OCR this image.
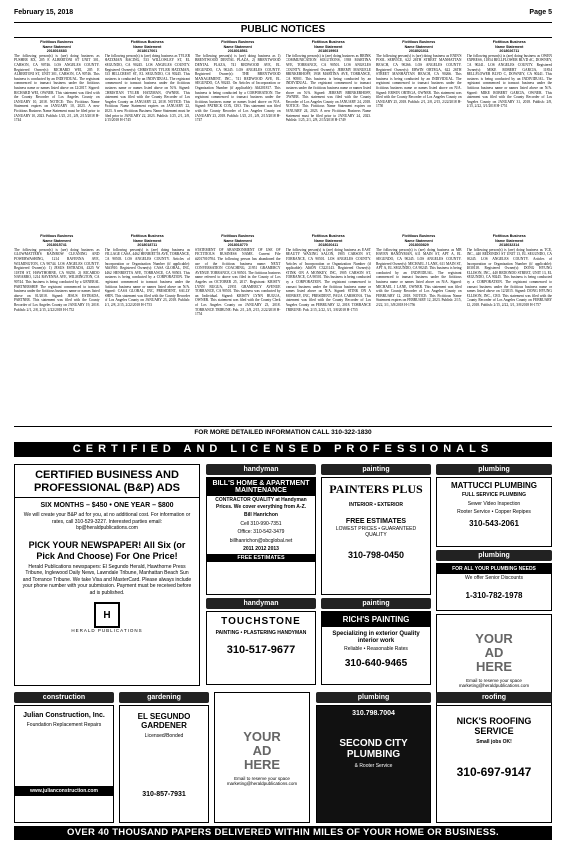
February 15, 2018	Page 5
PUBLIC NOTICES
Fictitious Business
Name Statement
2018016683
The following person(s) is (are) doing business as PUSHER RX, 205 E ALBERTONI ST UNIT 301, CARSON, CA 90746. LOS ANGELES COUNTY. Registered Owner(s): RICHARD WEI, 205 E ALBERTONI ST, UNIT 301, CARSON, CA 90746. This business is conducted by an INDIVIDUAL. The registrant commenced to transact business under the fictitious business name or names listed above on 12/2017. Signed: RICHARD WEI, OWNER. This statement was filed with the County Recorder of Los Angeles County on JANUARY 10, 2018. NOTICE: This Fictitious Name Statement expires on JANUARY 10, 2023. A new Fictitious Business Name Statement must be filed prior to JANUARY 10, 2023. Publish: 1/25, 2/1, 2/8, 2/15/2018 H-1744
Fictitious Business
Name Statement
2018017001
The following person(s) is (are) doing business as TYLER HATZMAN RACING, 533 WILLOWLEY ST, EL SEGUNDO, CA 90245. LOS ANGELES COUNTY. Registered Owner(s): CHRISTIAN TYLER HATZMAN, 533 HILLCREST ST, EL SEGUNDO, CA 90245. This business is conducted by an INDIVIDUAL. The registrant commenced to transact business under the fictitious business name or names listed above on N/A. Signed: CHRISTIAN TYLER HATZMAN, OWNER. This statement was filed with the County Recorder of Los Angeles County on JANUARY 22, 2018. NOTICE: This Fictitious Name Statement expires on JANUARY 22, 2023. A new Fictitious Business Name Statement must be filed prior to JANUARY 22, 2023. Publish: 1/25, 2/1, 2/8, 2/15/2018 H-1745
Fictitious Business
Name Statement
2018018561
The following person(s) is (are) doing business as 1) BRENTWOOD DENTAL PLAZA, 2) BRENTWOOD DENTAL PLAZA, 741 REDWOOD AVE, EL SEGUNDO, CA 90245. LOS ANGELES COUNTY. Registered Owner(s): THE BRENTWOOD MANAGEMENT, INC., 741 REDWOOD AVE, EL SEGUNDO, CA 90245. On Articles of Incorporation or Organization Number (if applicable): AI#201817. This business is being conducted by a CORPORATION. The registrant commenced to transact business under the fictitious business name or names listed above on N/A. Signed: PATRICK COX, CEO. This statement was filed with the County Recorder of Los Angeles County on JANUARY 23, 2018. Publish: 1/25, 2/1, 2/8, 2/15/2018 H-1747
Fictitious Business
Name Statement
2018019903
The following person(s) is (are) doing business as BRINK COMMUNICATION SOLUTIONS, 1938 MARTINA AVE, TORRANCE, CA 90501. LOS ANGELES COUNTY. Registered Owner(s): JEREMY MANUELE BRINKERHOFF, 1938 MARTINA AVE, TORRANCE, CA 90501. This business is being conducted by an INDIVIDUAL. The registrant commenced to transact business under the fictitious business name or names listed above on N/A. Signed: JEREMY BRINKERHOFF, OWNER. This statement was filed with the County Recorder of Los Angeles County on JANUARY 24, 2018. NOTICE: This Fictitious Name Statement expires on JANUARY 24, 2023. A new Fictitious Business Name Statement must be filed prior to JANUARY 24, 2023. Publish: 1/25, 2/1, 2/8, 2/15/2018 H-1749
Fictitious Business
Name Statement
2018021011
The following person(s) is (are) doing business as ENIN'S POOL SERVICE, 622 26TH STREET MANHATTAN BEACH, CA 90266. LOS ANGELES COUNTY. Registered Owner(s): ERWIN ORTEGA, 622 26TH STREET MANHATTAN BEACH, CA 90266. This business is being conducted by an INDIVIDUAL. The registrant commenced to transact business under the fictitious business name or names listed above on N/A. Signed: ERWIN ORTEGA, OWNER. This statement was filed with the County Recorder of Los Angeles County on JANUARY 25, 2018. Publish: 2/1, 2/8, 2/15, 2/22/2018 H-1750
Fictitious Business
Name Statement
2018026711
The following person(s) is (are) doing business as OWEN EXPRESS, 11854 BELLFLOWER BLVD #C, DOWNEY, CA 90241. LOS ANGELES COUNTY. Registered Owner(s): MIKE ROBERT GARCIA, 11854 BELLFLOWER BLVD C, DOWNEY, CA 90241. This business is being conducted by an INDIVIDUAL. The registrant commenced to transact business under the fictitious business name or names listed above on N/A. Signed: MIKE ROBERT GARCIA, OWNER. This statement was filed with the County Recorder of Los Angeles County on JANUARY 31, 2018. Publish: 2/8, 2/15, 2/22, 3/1/2018 H-1751
Fictitious Business
Name Statement
2018015741
The following person(s) is (are) doing business as GLOWMATTER'S RAINBOW CLEANING AND POWERWASHING, 1214 RAVENNA AVE, WILMINGTON, CA 90744. LOS ANGELES COUNTY. Registered Owner(s): 1) JESUS ESTRADA, 4325 W 118TH ST, HAWTHORNE, CA 90250. 2) RICARDO NAVARRO, 1214 RAVENNA AVE, WILMINGTON, CA 90744. This business is being conducted by a GENERAL PARTNERSHIP. The registrant commenced to transact business under the fictitious business name or names listed above on 01/2018. Signed: JESUS ESTRADA, PARTNER. This statement was filed with the County Recorder of Los Angeles County on JANUARY 19, 2018. Publish: 2/1, 2/8, 2/15, 2/22/2018 H-1752
Fictitious Business
Name Statement
2018018711
The following person(s) is (are) doing business as VILLAGE CASA, 4462 HENRIETTA AVE, TORRANCE, CA 90503. LOS ANGELES COUNTY. Articles of Incorporation or Organization Number (if applicable): AI#3910. Registered Owner(s): CASA GLOBAL, INC, 4462 HENRIETTA AVE, TORRANCE, CA 90503. This business is being conducted by a CORPORATION. The registrant commenced to transact business under the fictitious business name or names listed above on N/A. Signed: CASA GLOBAL, INC, PRESIDENT, SALLY SHIN. This statement was filed with the County Recorder of Los Angeles County on JANUARY 23, 2018. Publish: 2/1, 2/8, 2/15, 2/22/2018 H-1753
Fictitious Business
Name Statement
2018018770
STATEMENT OF ABANDONMENT OF USE OF FICTITIOUS BUSINESS NAME. Current File #2017010784. The following person has abandoned the use of the fictitious business name: NEXT CONVERSATION COACHING, 21951 GRAMERCY AVENUE TORRANCE, CA 90501. The fictitious business name referred to above was filed in the County of Los Angeles on OCTOBER 25, 2017. Registrant: KRISTY LYNN BUGUA, 21951 GRAMERCY AVENUE TORRANCE, CA 90501. This business was conducted by an Individual. Signed: KRISTY LYNN BUGUA, OWNER. This statement was filed with the County Clerk of Los Angeles County on JANUARY 23, 2018. TORRANCE TRIBUNE: Pub. 2/1, 2/8, 2/15, 2/22/2018 H-1754
Fictitious Business
Name Statement
2018020411
The following person(s) is (are) doing business as EAST BEAUTY WAXING SALON, 1905 CARSON ST, TORRANCE, CA 90501. LOS ANGELES COUNTY. Articles of Incorporation or Organization Number (if applicable): AI#ON C3221143. Registered Owner(s): STINK ON A MONKEY, INC, 1905 CARSON ST, TORRANCE, CA 90501. This business is being conducted by a CORPORATION. The registrant commenced to transact business under the fictitious business name or names listed above on N/A. Signed: STINK ON A MONKEY, INC, PRESIDENT, PAUA CARMONA. This statement was filed with the County Recorder of Los Angeles County on FEBRUARY 12, 2018. TORRANCE TRIBUNE: Pub. 2/15, 2/22, 3/1, 3/8/2018 H-1755
Fictitious Business
Name Statement
2018030829
The following person(s) is (are) doing business as MB HAVEN HANDYMAN, 611 MAIN ST, APT A, EL SEGUNDO, CA 90245. LOS ANGELES COUNTY. Registered Owner(s): MICHAEL J LANE, 611 MAIN ST, APT A, EL SEGUNDO, CA 90245. This business is being conducted by an INDIVIDUAL. The registrant commenced to transact business under the fictitious business name or names listed above on N/A. Signed: MICHAEL J LANE, OWNER. This statement was filed with the County Recorder of Los Angeles County on FEBRUARY 12, 2018. NOTICE: This Fictitious Name Statement expires on FEBRUARY 12, 2023. Publish: 2/15, 2/22, 3/1, 3/8/2018 H-1756
Fictitious Business
Name Statement
2018032314
The following person(s) is (are) doing business as TCE, INC., 440 REDONDO ST UNIT 13, EL SEGUNDO, CA 90245. LOS ANGELES COUNTY. Articles of Incorporation or Organization Number (if applicable): 4030118. Registered Owner(s): DONG HYUNG ELLISON, INC., 440 REDONDO STREET, UNIT 13, EL SEGUNDO, CA 90245. This business is being conducted by a CORPORATION. The registrant commenced to transact business under the fictitious business name or names listed above on 12/2015. Signed: DONG HYUNG ELLISON, INC., CEO. This statement was filed with the County Recorder of Los Angeles County on FEBRUARY 12, 2018. Publish: 2/15, 2/22, 3/1, 3/8/2018 H-1757
FOR MORE DETAILED INFORMATION CALL 310-322-1830
CERTIFIED AND LICENSED PROFESSIONALS
CERTIFIED BUSINESS AND PROFESSIONAL (B&P) ADS
SIX MONTHS – $450 • ONE YEAR – $800
We will create your B&P ad for you, at no additional cost. For information or rates, call 310-529-3227. Interested parties email: bp@heraldpublications.com
PICK YOUR NEWSPAPER! All Six (or Pick And Choose) For One Price!
Herald Publications newspapers: El Segundo Herald, Hawthorne Press Tribune, Inglewood Daily News, Lawndale Tribune, Manhattan Beach Sun and Torrance Tribune. We take Visa and MasterCard. Please always include your phone number with your submission. Payment must be received before ad is published.
H
HERALD PUBLICATIONS
handyman
BILL'S HOME & APARTMENT MAINTENANCE
CONTRACTOR QUALITY at Handyman Prices. We cover everything from A-Z.
Bill Hanrichon
Cell 310-990-7351
Office: 310-542-3479
billhanrichon@sbcglobal.net
2011 2012 2013
FREE ESTIMATES
handyman
TOUCHSTONE
PAINTING • PLASTERING HANDYMAN
310-517-9677
painting
PAINTERS PLUS
INTERIOR • EXTERIOR
FREE ESTIMATES
LOWEST PRICES • GUARANTEED QUALITY
310-798-0450
painting
RICH'S PAINTING
Specializing in exterior Quality interior work
Reliable • Reasonable Rates
310-640-9465
plumbing
MATTUCCI PLUMBING
FULL SERVICE PLUMBING
Sewer Video Inspection
Rooter Service • Copper Repipes
310-543-2061
plumbing
FOR ALL YOUR PLUMBING NEEDS
We offer Senior Discounts
1-310-782-1978
YOUR
AD
HERE
Email to reserve your space marketing@heraldpublications.com
construction
Julian Construction, Inc.
Foundation Replacement Repairs
www.julianconstruction.com
gardening
EL SEGUNDO GARDENER
Licensed/Bonded
310-857-7931
YOUR
AD
HERE
Email to reserve your space marketing@heraldpublications.com
plumbing
310.798.7004
SECOND CITY PLUMBING
& Rooter Service
roofing
NICK'S ROOFING SERVICE
Small jobs OK!
310-697-9147
OVER 40 THOUSAND PAPERS DELIVERED WITHIN MILES OF YOUR HOME OR BUSINESS.
